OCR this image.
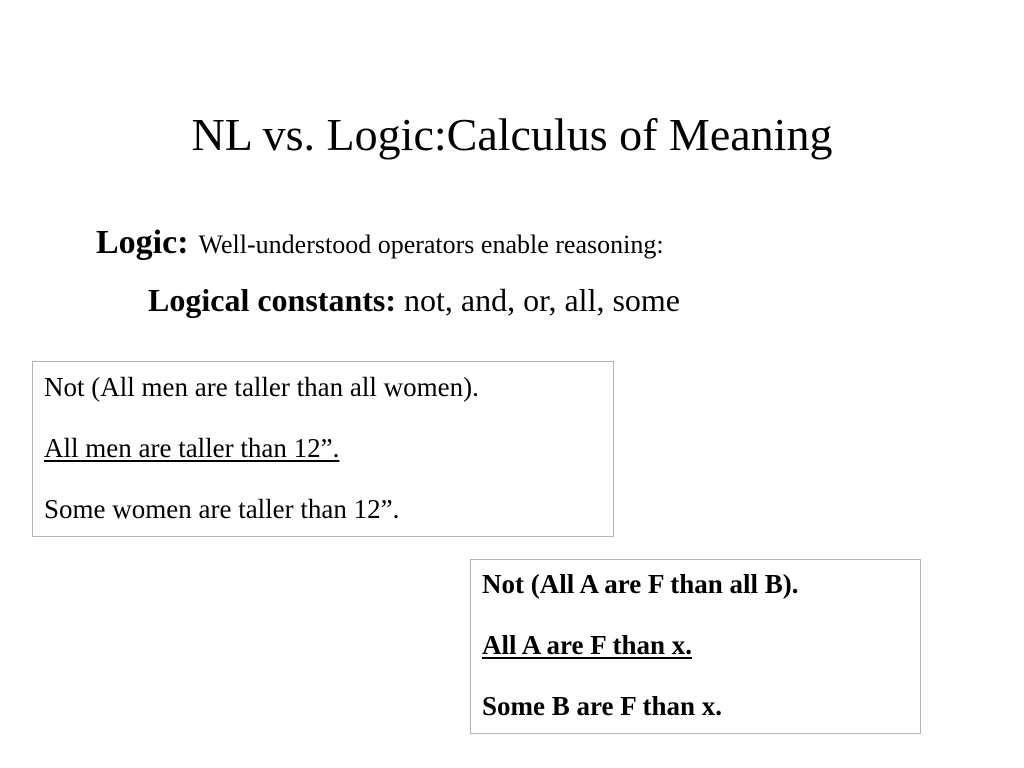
NL vs. Logic:Calculus of Meaning
Logic: Well-understood operators enable reasoning:
Logical constants: not, and, or, all, some

Not (All men are taller than all women).

All men are taller than 12”.

Some women are taller than 12”.

Not (All A are F than all B).

All A are F than x.

Some B are F than x.
